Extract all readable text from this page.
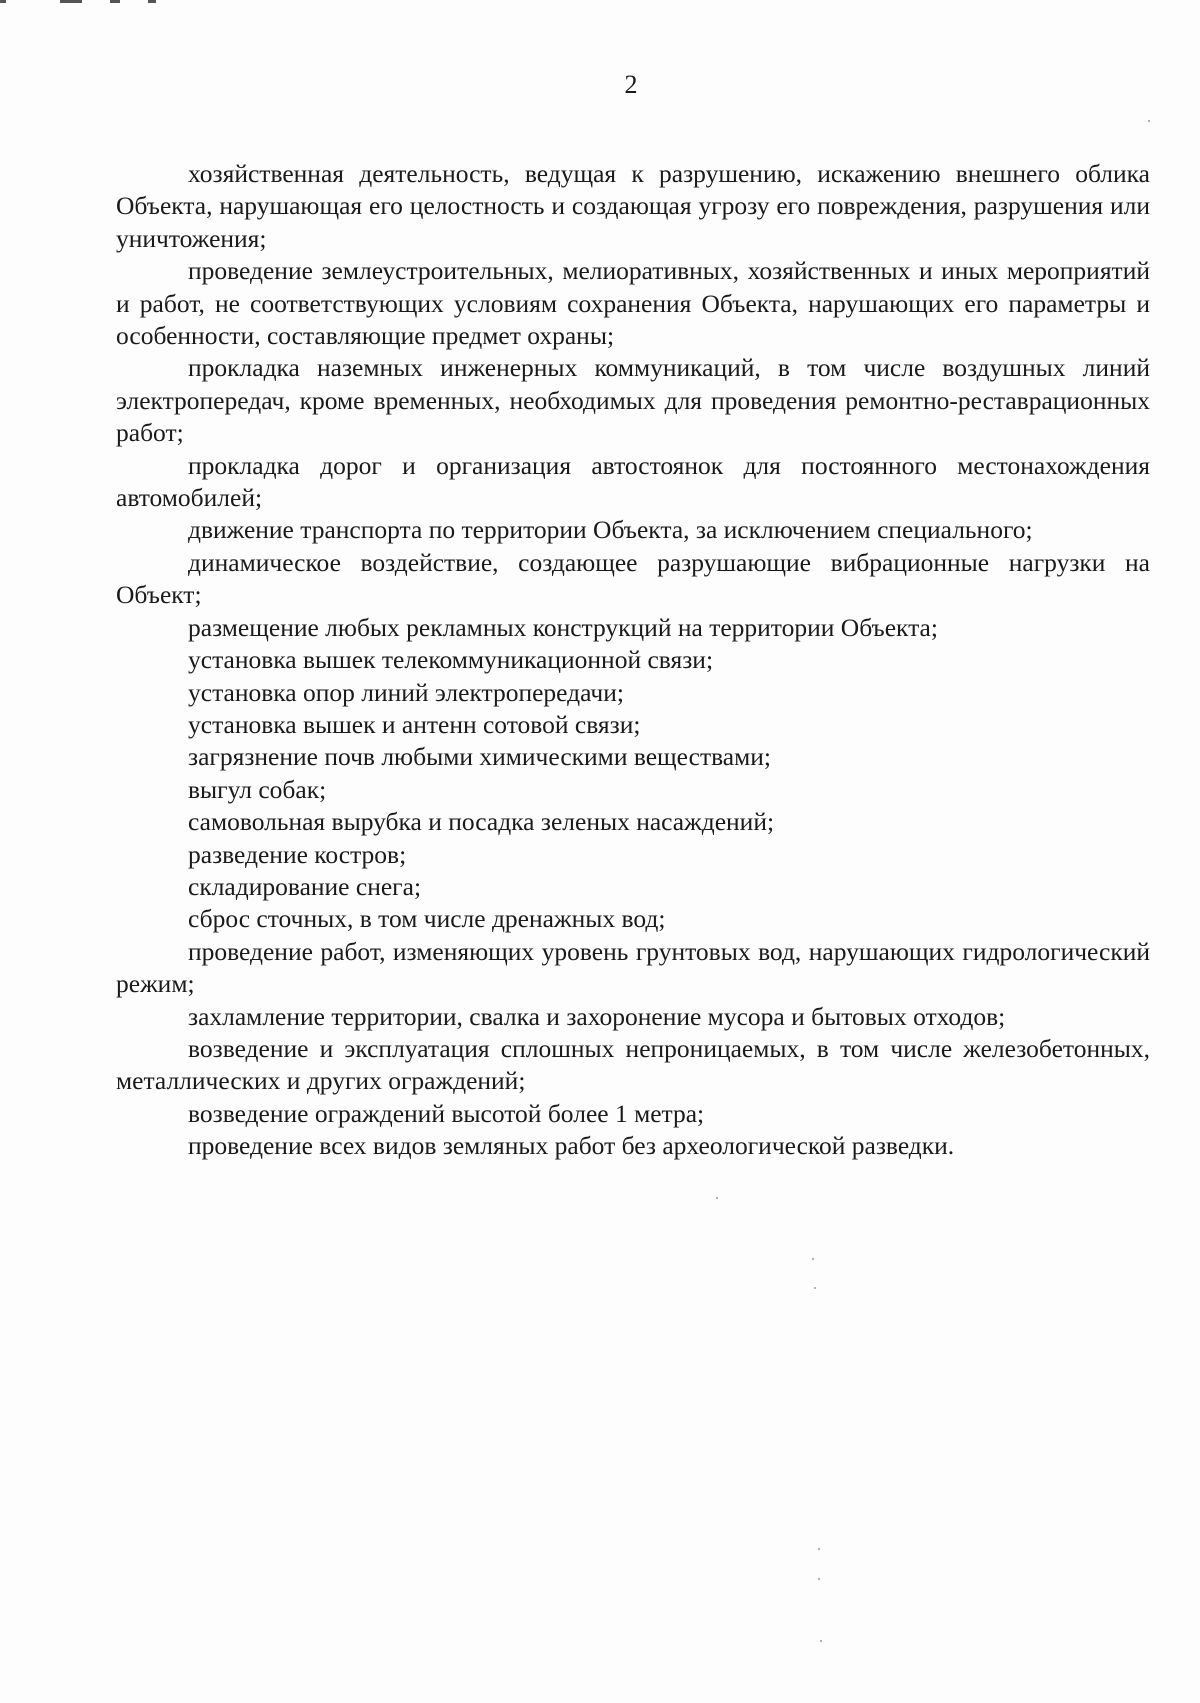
2

хозяйственная деятельность, ведущая к разрушению, искажению внешнего облика Объекта, нарушающая его целостность и создающая угрозу его повреждения, разрушения или уничтожения;

проведение землеустроительных, мелиоративных, хозяйственных и иных мероприятий и работ, не соответствующих условиям сохранения Объекта, нарушающих его параметры и особенности, составляющие предмет охраны;

прокладка наземных инженерных коммуникаций, в том числе воздушных линий электропередач, кроме временных, необходимых для проведения ремонтно-реставрационных работ;

прокладка дорог и организация автостоянок для постоянного местонахождения автомобилей;

движение транспорта по территории Объекта, за исключением специального;

динамическое воздействие, создающее разрушающие вибрационные нагрузки на Объект;

размещение любых рекламных конструкций на территории Объекта;

установка вышек телекоммуникационной связи;

установка опор линий электропередачи;

установка вышек и антенн сотовой связи;

загрязнение почв любыми химическими веществами;

выгул собак;

самовольная вырубка и посадка зеленых насаждений;

разведение костров;

складирование снега;

сброс сточных, в том числе дренажных вод;

проведение работ, изменяющих уровень грунтовых вод, нарушающих гидрологический режим;

захламление территории, свалка и захоронение мусора и бытовых отходов;

возведение и эксплуатация сплошных непроницаемых, в том числе железобетонных, металлических и других ограждений;

возведение ограждений высотой более 1 метра;

проведение всех видов земляных работ без археологической разведки.
